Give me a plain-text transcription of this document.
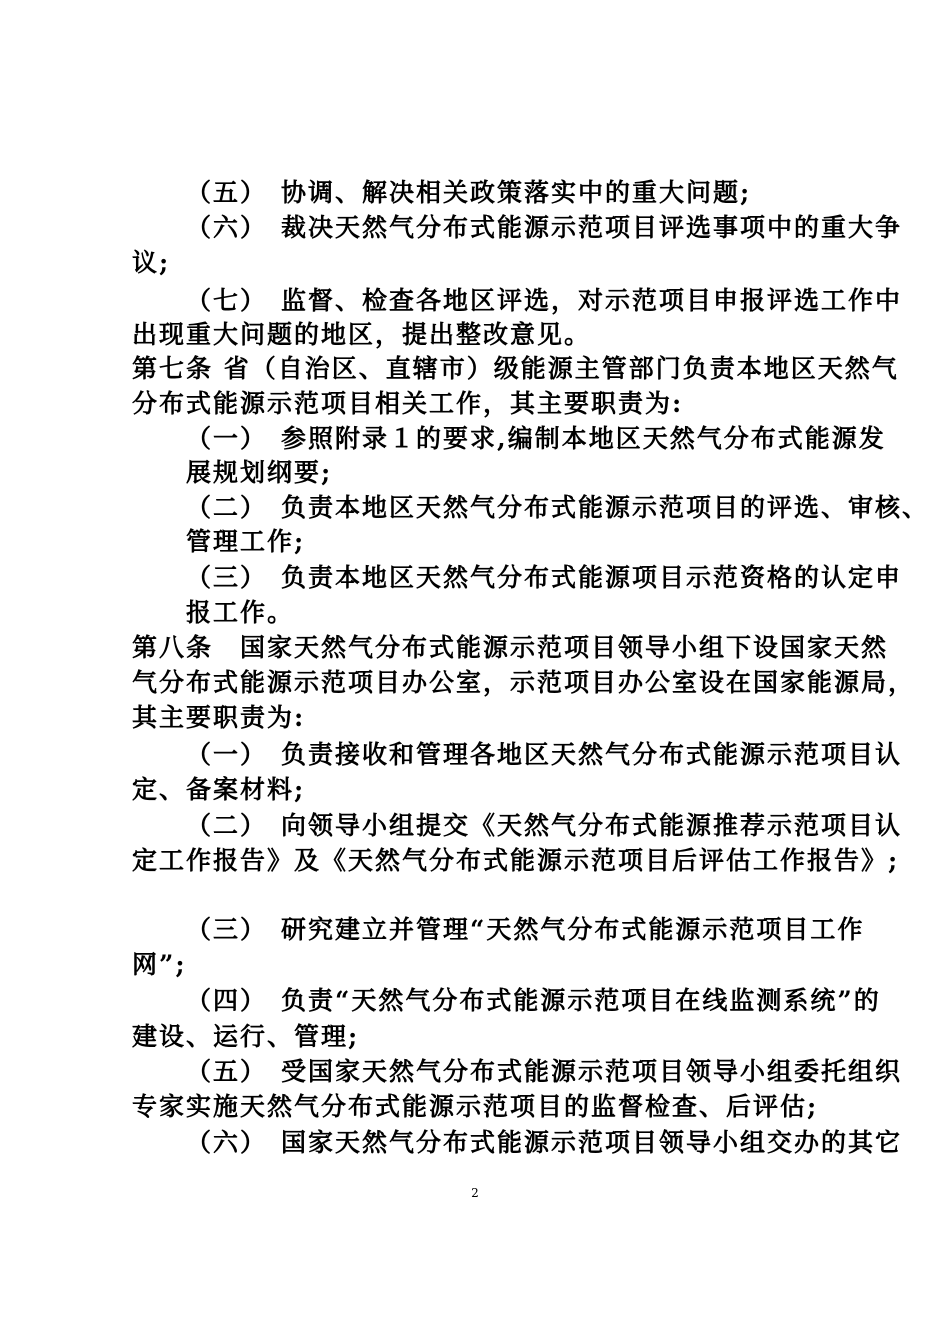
（五） 协调、解决相关政策落实中的重大问题;
（六） 裁决天然气分布式能源示范项目评选事项中的重大争
议;
（七） 监督、检查各地区评选，对示范项目申报评选工作中
出现重大问题的地区，提出整改意见。
第七条 省（自治区、直辖市）级能源主管部门负责本地区天然气
分布式能源示范项目相关工作，其主要职责为:
（一） 参照附录１的要求,编制本地区天然气分布式能源发
展规划纲要;
（二） 负责本地区天然气分布式能源示范项目的评选、审核、
管理工作;
（三） 负责本地区天然气分布式能源项目示范资格的认定申
报工作。
第八条　国家天然气分布式能源示范项目领导小组下设国家天然
气分布式能源示范项目办公室，示范项目办公室设在国家能源局，
其主要职责为:
（一） 负责接收和管理各地区天然气分布式能源示范项目认
定、备案材料;
（二） 向领导小组提交《天然气分布式能源推荐示范项目认
定工作报告》及《天然气分布式能源示范项目后评估工作报告》;
（三） 研究建立并管理“天然气分布式能源示范项目工作
网”;
（四） 负责“天然气分布式能源示范项目在线监测系统”的
建设、运行、管理;
（五） 受国家天然气分布式能源示范项目领导小组委托组织
专家实施天然气分布式能源示范项目的监督检查、后评估;
（六） 国家天然气分布式能源示范项目领导小组交办的其它
2
